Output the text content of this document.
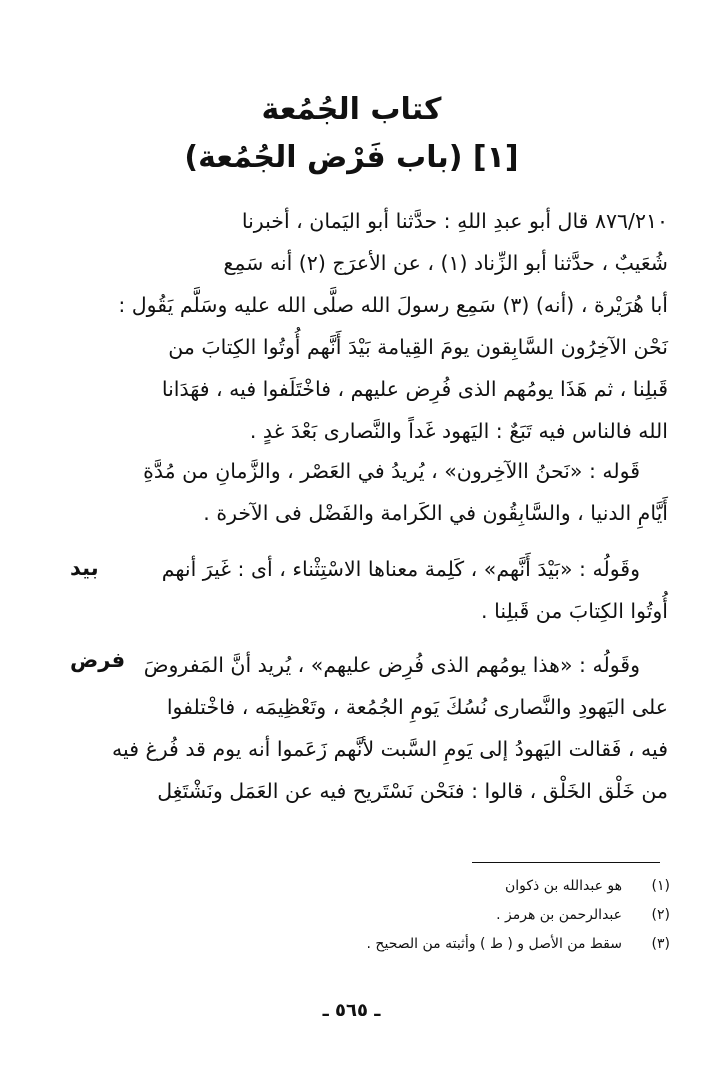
كتاب الجُمُعة
[١] (باب فَرْض الجُمُعة)
٨٧٦/٢١٠ قال أبو عبدِ اللهِ : حدَّثنا أبو اليَمان ، أخبرنا
شُعَيبٌ ، حدَّثنا أبو الزِّناد (١) ، عن الأعرَج (٢) أنه سَمِع
أبا هُرَيْرة ، (أنه) (٣) سَمِع رسولَ الله صلَّى الله عليه وسَلَّم يَقُول :
نَحْن الآخِرُون السَّابِقون يومَ القِيامة بَيْدَ أَنَّهم أُوتُوا الكِتابَ من
قَبلِنا ، ثم هَذَا يومُهم الذى فُرِض عليهم ، فاخْتَلَفوا فيه ، فهَدَانا
الله فالناس فيه تَبَعٌ : اليَهود غَداً والنَّصارى بَعْدَ غدٍ .
قَوله : «نَحنُ االآخِرون» ، يُريدُ في العَصْر ، والزَّمانِ من مُدَّةِ
أَيَّامِ الدنيا ، والسَّابِقُون في الكَرامة والفَضْل فى الآخرة .
وقَولُه : «بَيْدَ أَنَّهم» ، كَلِمة معناها الاسْتِثْناء ، أى : غَيرَ أنهم
أُوتُوا الكِتابَ من قَبلِنا .
وقَولُه : «هذا يومُهم الذى فُرِض عليهم» ، يُريد أنَّ المَفروضَ
على اليَهودِ والنَّصارى نُسُكَ يَومِ الجُمُعة ، وتَعْظِيمَه ، فاخْتلفوا
فيه ، فَقالت اليَهودُ إلى يَومِ السَّبت لأنَّهم زَعَموا أنه يوم قد فُرغ فيه
من خَلْق الخَلْق ، قالوا : فنَحْن نَسْتَريح فيه عن العَمَل ونَشْتَغِل
بيد
فرض
(١)
هو عبدالله بن ذكوان
(٢)
عبدالرحمن بن هرمز .
(٣)
سقط من الأصل و ( ط ) وأثبته من الصحيح .
ـ ٥٦٥ ـ
